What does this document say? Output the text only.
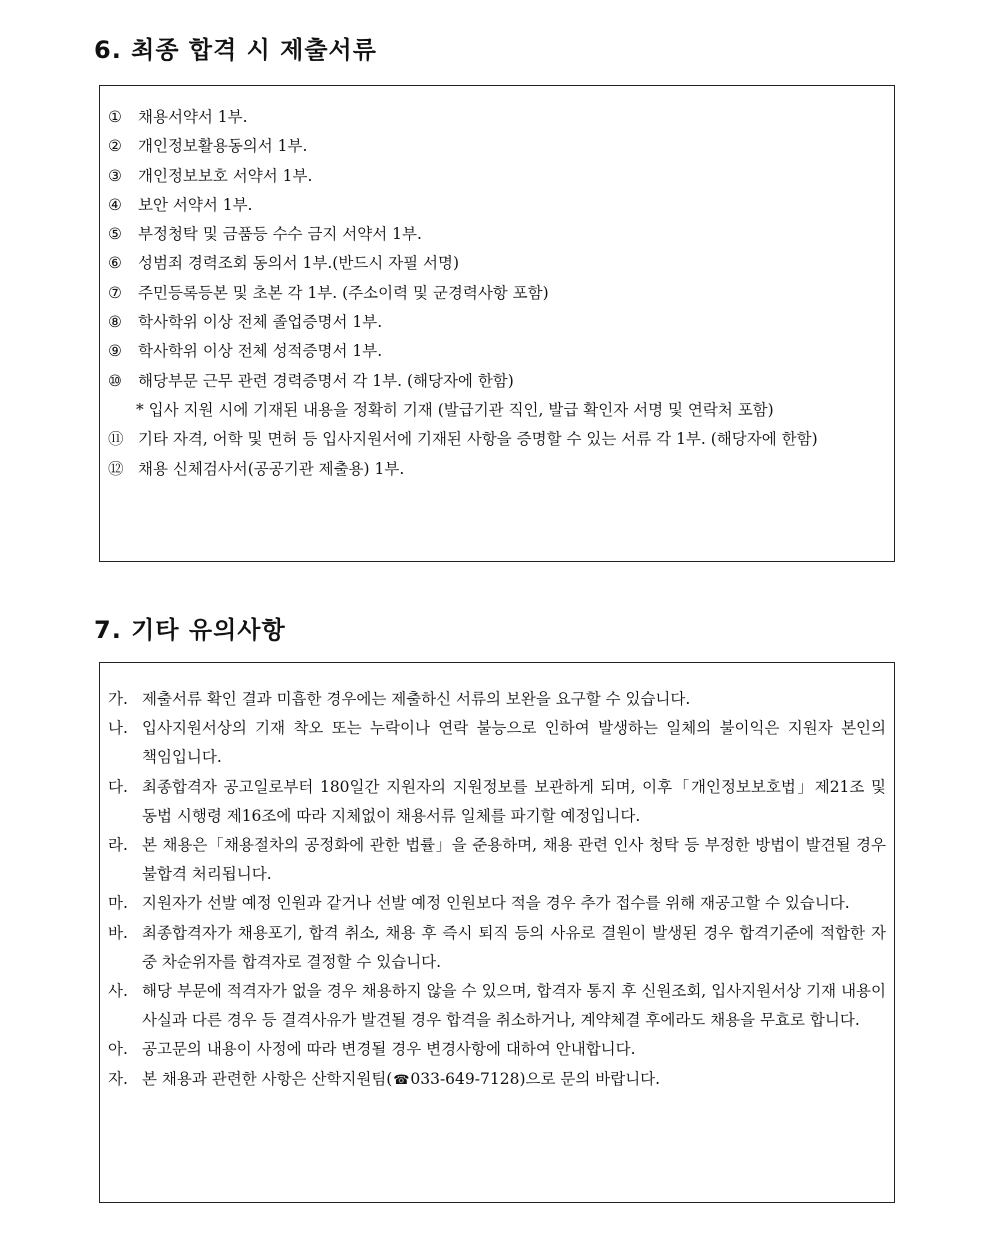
6. 최종 합격 시 제출서류
①	채용서약서 1부.
②	개인정보활용동의서 1부.
③	개인정보보호 서약서 1부.
④	보안 서약서 1부.
⑤	부정청탁 및 금품등 수수 금지 서약서 1부.
⑥	성범죄 경력조회 동의서 1부.(반드시 자필 서명)
⑦	주민등록등본 및 초본 각 1부. (주소이력 및 군경력사항 포함)
⑧	학사학위 이상 전체 졸업증명서 1부.
⑨	학사학위 이상 전체 성적증명서 1부.
⑩	해당부문 근무 관련 경력증명서 각 1부. (해당자에 한함)
* 입사 지원 시에 기재된 내용을 정확히 기재 (발급기관 직인, 발급 확인자 서명 및 연락처 포함)
⑪ 기타 자격, 어학 및 면허 등 입사지원서에 기재된 사항을 증명할 수 있는 서류 각 1부. (해당자에 한함)
⑫ 채용 신체검사서(공공기관 제출용) 1부.
7. 기타 유의사항
가. 제출서류 확인 결과 미흡한 경우에는 제출하신 서류의 보완을 요구할 수 있습니다.
나. 입사지원서상의 기재 착오 또는 누락이나 연락 불능으로 인하여 발생하는 일체의 불이익은 지원자 본인의 책임입니다.
다. 최종합격자 공고일로부터 180일간 지원자의 지원정보를 보관하게 되며, 이후「개인정보보호법」제21조 및 동법 시행령 제16조에 따라 지체없이 채용서류 일체를 파기할 예정입니다.
라. 본 채용은「채용절차의 공정화에 관한 법률」을 준용하며, 채용 관련 인사 청탁 등 부정한 방법이 발견될 경우 불합격 처리됩니다.
마. 지원자가 선발 예정 인원과 같거나 선발 예정 인원보다 적을 경우 추가 접수를 위해 재공고할 수 있습니다.
바. 최종합격자가 채용포기, 합격 취소, 채용 후 즉시 퇴직 등의 사유로 결원이 발생된 경우 합격기준에 적합한 자 중 차순위자를 합격자로 결정할 수 있습니다.
사. 해당 부문에 적격자가 없을 경우 채용하지 않을 수 있으며, 합격자 통지 후 신원조회, 입사지원서상 기재 내용이 사실과 다른 경우 등 결격사유가 발견될 경우 합격을 취소하거나, 계약체결 후에라도 채용을 무효로 합니다.
아. 공고문의 내용이 사정에 따라 변경될 경우 변경사항에 대하여 안내합니다.
자. 본 채용과 관련한 사항은 산학지원팀(☎033-649-7128)으로 문의 바랍니다.
